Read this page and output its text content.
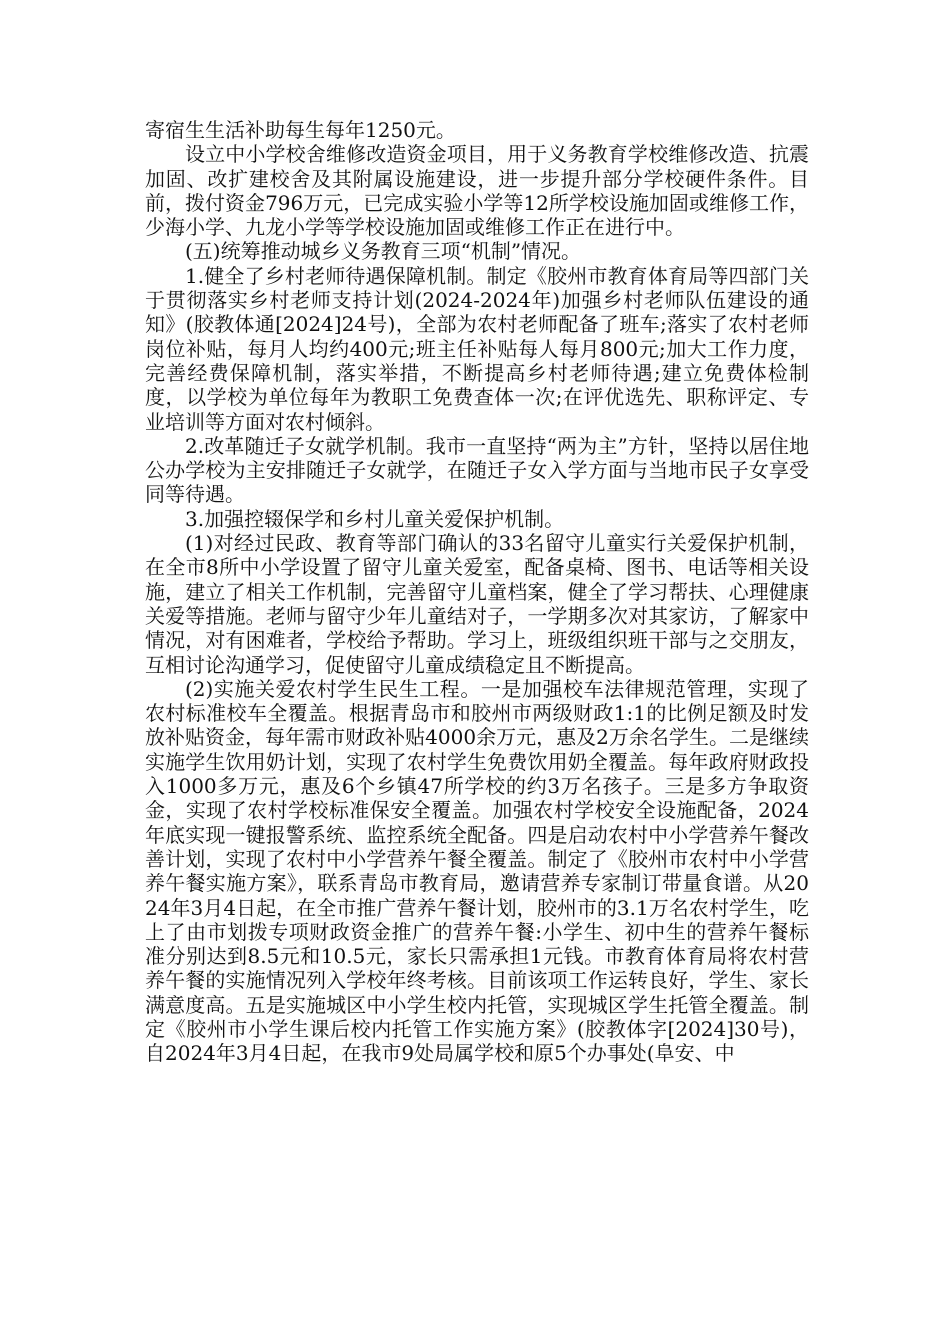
寄宿生生活补助每生每年1250元。

设立中小学校舍维修改造资金项目，用于义务教育学校维修改造、抗震加固、改扩建校舍及其附属设施建设，进一步提升部分学校硬件条件。目前，拨付资金796万元，已完成实验小学等12所学校设施加固或维修工作，少海小学、九龙小学等学校设施加固或维修工作正在进行中。

(五)统筹推动城乡义务教育三项“机制”情况。

1.健全了乡村老师待遇保障机制。制定《胶州市教育体育局等四部门关于贯彻落实乡村老师支持计划(2024-2024年)加强乡村老师队伍建设的通知》(胶教体通[2024]24号)，全部为农村老师配备了班车;落实了农村老师岗位补贴，每月人均约400元;班主任补贴每人每月800元;加大工作力度，完善经费保障机制，落实举措，不断提高乡村老师待遇;建立免费体检制度，以学校为单位每年为教职工免费查体一次;在评优选先、职称评定、专业培训等方面对农村倾斜。

2.改革随迁子女就学机制。我市一直坚持“两为主”方针，坚持以居住地公办学校为主安排随迁子女就学，在随迁子女入学方面与当地市民子女享受同等待遇。

3.加强控辍保学和乡村儿童关爱保护机制。

(1)对经过民政、教育等部门确认的33名留守儿童实行关爱保护机制，在全市8所中小学设置了留守儿童关爱室，配备桌椅、图书、电话等相关设施，建立了相关工作机制，完善留守儿童档案，健全了学习帮扶、心理健康关爱等措施。老师与留守少年儿童结对子，一学期多次对其家访，了解家中情况，对有困难者，学校给予帮助。学习上，班级组织班干部与之交朋友，互相讨论沟通学习，促使留守儿童成绩稳定且不断提高。

(2)实施关爱农村学生民生工程。一是加强校车法律规范管理，实现了农村标准校车全覆盖。根据青岛市和胶州市两级财政1:1的比例足额及时发放补贴资金，每年需市财政补贴4000余万元，惠及2万余名学生。二是继续实施学生饮用奶计划，实现了农村学生免费饮用奶全覆盖。每年政府财政投入1000多万元，惠及6个乡镇47所学校的约3万名孩子。三是多方争取资金，实现了农村学校标准保安全覆盖。加强农村学校安全设施配备，2024年底实现一键报警系统、监控系统全配备。四是启动农村中小学营养午餐改善计划，实现了农村中小学营养午餐全覆盖。制定了《胶州市农村中小学营养午餐实施方案》，联系青岛市教育局，邀请营养专家制订带量食谱。从2024年3月4日起，在全市推广营养午餐计划，胶州市的3.1万名农村学生，吃上了由市划拨专项财政资金推广的营养午餐:小学生、初中生的营养午餐标准分别达到8.5元和10.5元，家长只需承担1元钱。市教育体育局将农村营养午餐的实施情况列入学校年终考核。目前该项工作运转良好，学生、家长满意度高。五是实施城区中小学生校内托管，实现城区学生托管全覆盖。制定《胶州市小学生课后校内托管工作实施方案》(胶教体字[2024]30号)，自2024年3月4日起，在我市9处局属学校和原5个办事处(阜安、中
